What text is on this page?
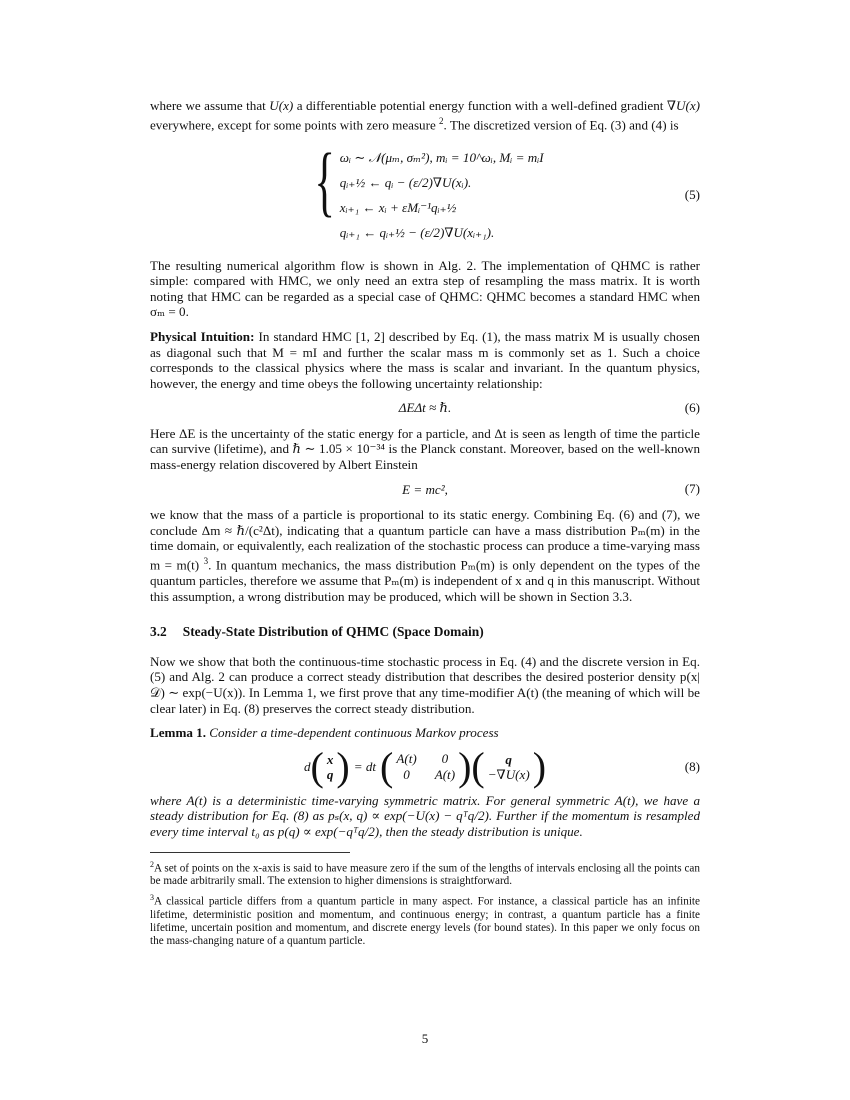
where we assume that U(x) a differentiable potential energy function with a well-defined gradient ∇U(x) everywhere, except for some points with zero measure $^2$. The discretized version of Eq. (3) and (4) is

{ ωᵢ ∼ 𝒩(μₘ, σₘ²), mᵢ = 10^ωᵢ, Mᵢ = mᵢI
qᵢ₊½ ← qᵢ − (ε/2)∇U(xᵢ).
xᵢ₊₁ ← xᵢ + εMᵢ⁻¹qᵢ₊½
qᵢ₊₁ ← qᵢ₊½ − (ε/2)∇U(xᵢ₊₁).
(5)

The resulting numerical algorithm flow is shown in Alg. 2. The implementation of QHMC is rather simple: compared with HMC, we only need an extra step of resampling the mass matrix. It is worth noting that HMC can be regarded as a special case of QHMC: QHMC becomes a standard HMC when σₘ = 0.

Physical Intuition: In standard HMC [1, 2] described by Eq. (1), the mass matrix M is usually chosen as diagonal such that M = mI and further the scalar mass m is commonly set as 1. Such a choice corresponds to the classical physics where the mass is scalar and invariant. In the quantum physics, however, the energy and time obeys the following uncertainty relationship:

ΔEΔt ≈ ℏ.	(6)

Here ΔE is the uncertainty of the static energy for a particle, and Δt is seen as length of time the particle can survive (lifetime), and ℏ ∼ 1.05 × 10⁻³⁴ is the Planck constant. Moreover, based on the well-known mass-energy relation discovered by Albert Einstein

E = mc²,	(7)

we know that the mass of a particle is proportional to its static energy. Combining Eq. (6) and (7), we conclude Δm ≈ ℏ/(c²Δt), indicating that a quantum particle can have a mass distribution Pₘ(m) in the time domain, or equivalently, each realization of the stochastic process can produce a time-varying mass m = m(t) $^3$. In quantum mechanics, the mass distribution Pₘ(m) is only dependent on the types of the quantum particles, therefore we assume that Pₘ(m) is independent of x and q in this manuscript. Without this assumption, a wrong distribution may be produced, which will be shown in Section 3.3.

3.2 Steady-State Distribution of QHMC (Space Domain)

Now we show that both the continuous-time stochastic process in Eq. (4) and the discrete version in Eq. (5) and Alg. 2 can produce a correct steady distribution that describes the desired posterior density p(x|𝒟) ∼ exp(−U(x)). In Lemma 1, we first prove that any time-modifier A(t) (the meaning of which will be clear later) in Eq. (8) preserves the correct steady distribution.

Lemma 1. Consider a time-dependent continuous Markov process

d ( x
q ) = dt ( A(t)	0
0	A(t) ) ( q
−∇U(x) )	(8)

where A(t) is a deterministic time-varying symmetric matrix. For general symmetric A(t), we have a steady distribution for Eq. (8) as pₛ(x, q) ∝ exp(−U(x) − qᵀq/2). Further if the momentum is resampled every time interval t₀ as p(q) ∝ exp(−qᵀq/2), then the steady distribution is unique.

$^2$A set of points on the x-axis is said to have measure zero if the sum of the lengths of intervals enclosing all the points can be made arbitrarily small. The extension to higher dimensions is straightforward.

$^3$A classical particle differs from a quantum particle in many aspect. For instance, a classical particle has an infinite lifetime, deterministic position and momentum, and continuous energy; in contrast, a quantum particle has a finite lifetime, uncertain position and momentum, and discrete energy levels (for bound states). In this paper we only focus on the mass-changing nature of a quantum particle.

5
